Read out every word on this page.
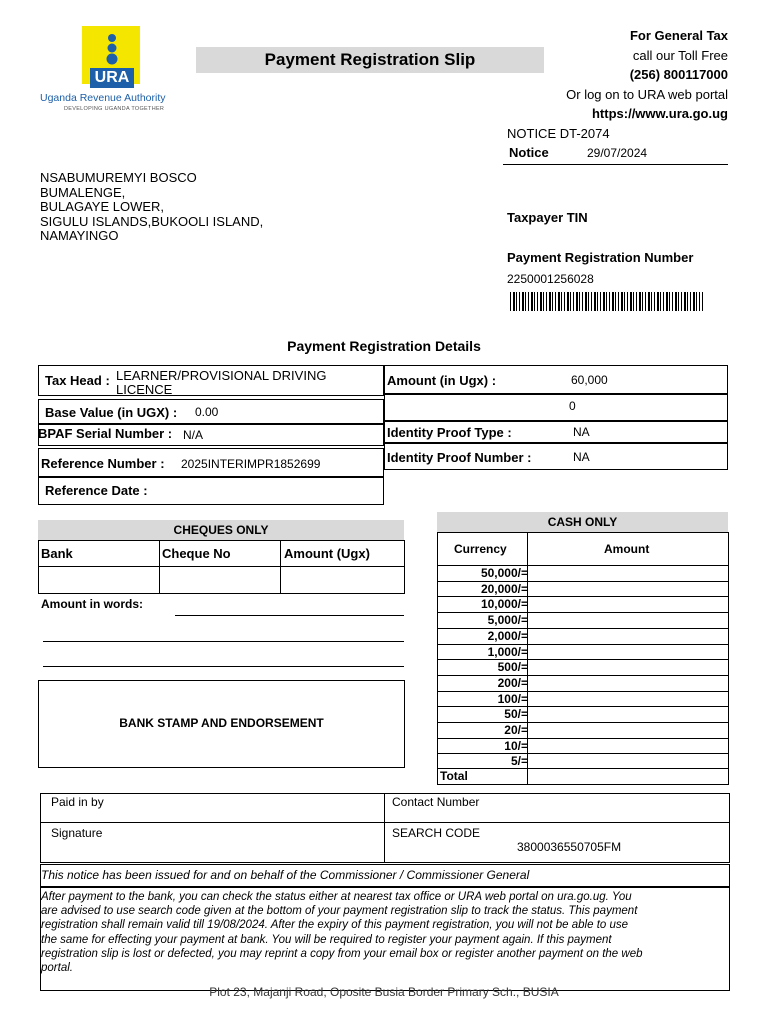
URA
Uganda Revenue Authority
DEVELOPING UGANDA TOGETHER
Payment Registration Slip
For General Tax
call our Toll Free
(256) 800117000
Or log on to URA web portal
https://www.ura.go.ug
NOTICE DT-2074
Notice	29/07/2024
NSABUMUREMYI BOSCO
BUMALENGE,
BULAGAYE LOWER,
SIGULU ISLANDS,BUKOOLI ISLAND,
NAMAYINGO
Taxpayer TIN
Payment Registration Number
2250001256028
Payment Registration Details
Tax Head : LEARNER/PROVISIONAL DRIVING
LICENCE
Amount (in Ugx) :	60,000
0
Base Value (in UGX) : 0.00
BPAF Serial Number : N/A	Identity Proof Type :	NA
Reference Number : 2025INTERIMPR1852699	Identity Proof Number :	NA
Reference Date :
CHEQUES ONLY
Bank	Cheque No	Amount (Ugx)
Amount in words:
BANK STAMP AND ENDORSEMENT
CASH ONLY
Currency	Amount
50,000/=
20,000/=
10,000/=
5,000/=
2,000/=
1,000/=
500/=
200/=
100/=
50/=
20/=
10/=
5/=
Total
Paid in by	Contact Number
Signature	SEARCH CODE
3800036550705FM
This notice has been issued for and on behalf of the Commissioner / Commissioner General
After payment to the bank, you can check the status either at nearest tax office or URA web portal on ura.go.ug. You
are advised to use search code given at the bottom of your payment registration slip to track the status. This payment
registration shall remain valid till 19/08/2024. After the expiry of this payment registration, you will not be able to use
the same for effecting your payment at bank. You will be required to register your payment again. If this payment
registration slip is lost or defected, you may reprint a copy from your email box or register another payment on the web
portal.
Plot 23, Majanji Road, Oposite Busia Border Primary Sch., BUSIA
